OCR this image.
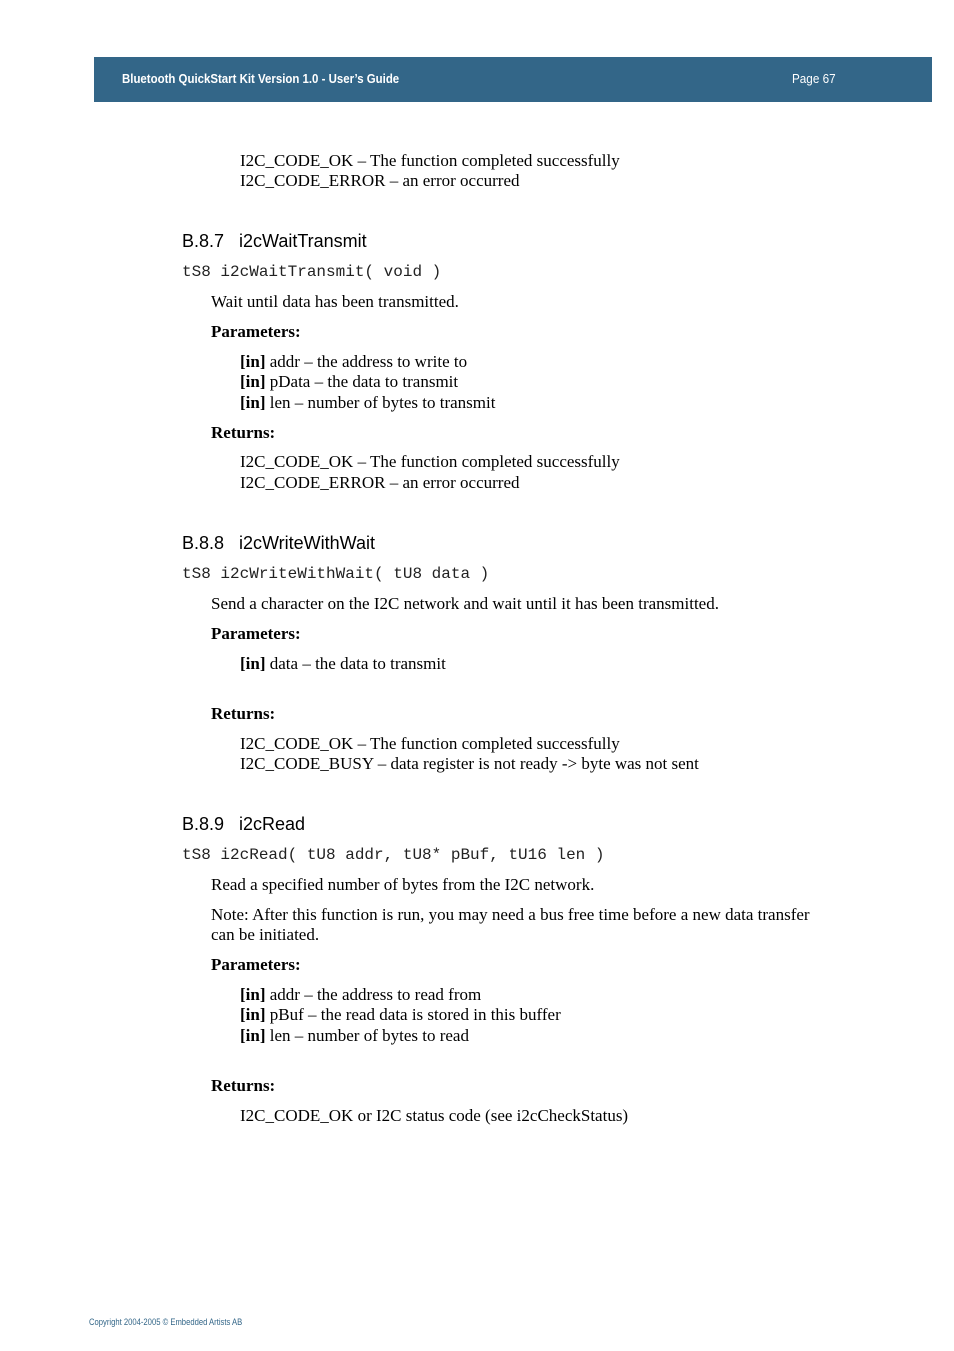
Bluetooth QuickStart Kit Version 1.0 - User’s Guide	Page 67
I2C_CODE_OK – The function completed successfully
I2C_CODE_ERROR – an error occurred
B.8.7 i2cWaitTransmit
tS8 i2cWaitTransmit( void )
Wait until data has been transmitted.
Parameters:
[in] addr – the address to write to
[in] pData – the data to transmit
[in] len – number of bytes to transmit
Returns:
I2C_CODE_OK – The function completed successfully
I2C_CODE_ERROR – an error occurred
B.8.8 i2cWriteWithWait
tS8 i2cWriteWithWait( tU8 data )
Send a character on the I2C network and wait until it has been transmitted.
Parameters:
[in] data – the data to transmit
Returns:
I2C_CODE_OK – The function completed successfully
I2C_CODE_BUSY – data register is not ready -> byte was not sent
B.8.9 i2cRead
tS8 i2cRead( tU8 addr, tU8* pBuf, tU16 len )
Read a specified number of bytes from the I2C network.
Note: After this function is run, you may need a bus free time before a new data transfer
can be initiated.
Parameters:
[in] addr – the address to read from
[in] pBuf – the read data is stored in this buffer
[in] len – number of bytes to read
Returns:
I2C_CODE_OK or I2C status code (see i2cCheckStatus)
Copyright 2004-2005 © Embedded Artists AB
